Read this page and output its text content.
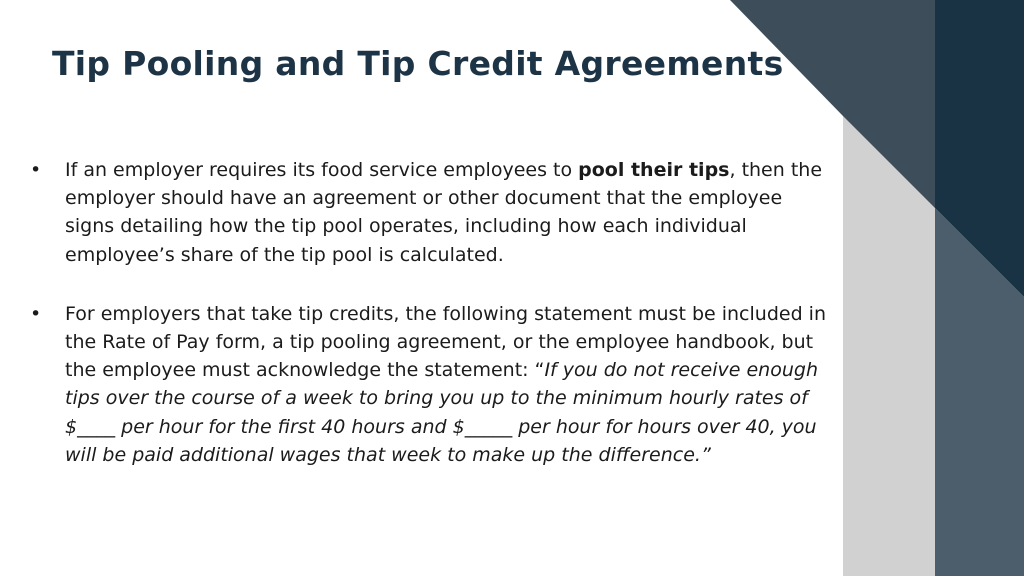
Tip Pooling and Tip Credit Agreements
•	If an employer requires its food service employees to pool their tips, then the employer should have an agreement or other document that the employee signs detailing how the tip pool operates, including how each individual employee’s share of the tip pool is calculated.
•	For employers that take tip credits, the following statement must be included in the Rate of Pay form, a tip pooling agreement, or the employee handbook, but the employee must acknowledge the statement: “If you do not receive enough tips over the course of a week to bring you up to the minimum hourly rates of $____ per hour for the first 40 hours and $_____ per hour for hours over 40, you will be paid additional wages that week to make up the difference.”
